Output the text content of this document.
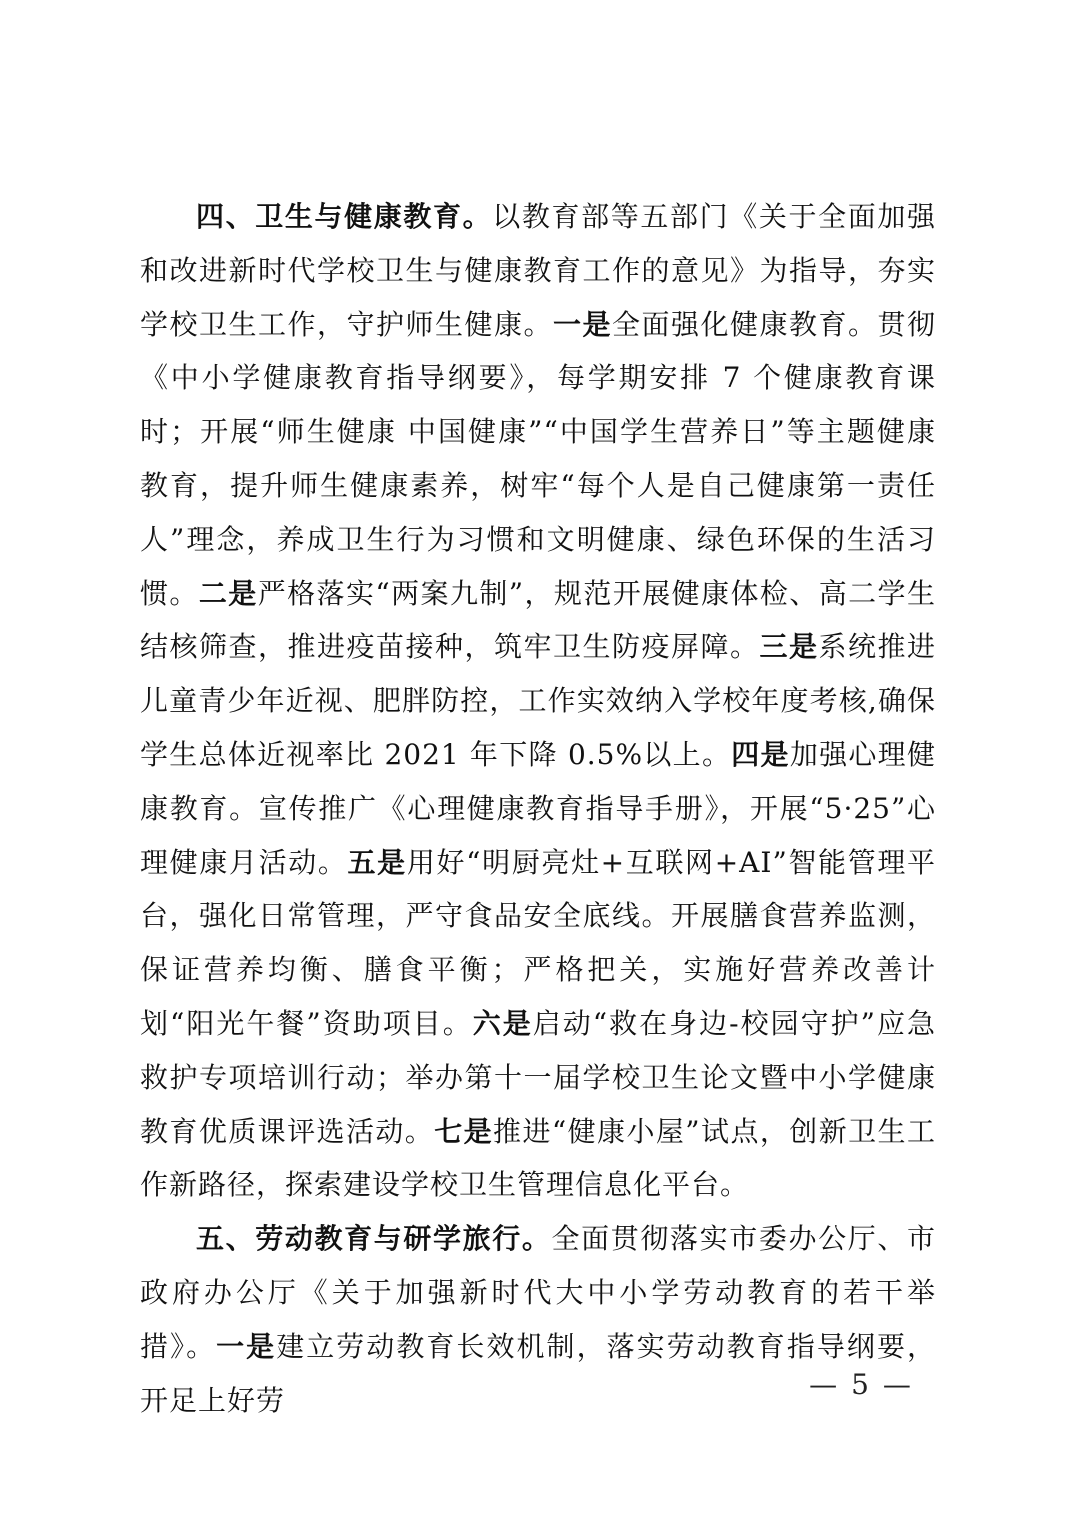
四、卫生与健康教育。以教育部等五部门《关于全面加强和改进新时代学校卫生与健康教育工作的意见》为指导，夯实学校卫生工作，守护师生健康。一是全面强化健康教育。贯彻《中小学健康教育指导纲要》，每学期安排 7 个健康教育课时；开展“师生健康 中国健康”“中国学生营养日”等主题健康教育，提升师生健康素养，树牢“每个人是自己健康第一责任人”理念，养成卫生行为习惯和文明健康、绿色环保的生活习惯。二是严格落实“两案九制”，规范开展健康体检、高二学生结核筛查，推进疫苗接种，筑牢卫生防疫屏障。三是系统推进儿童青少年近视、肥胖防控，工作实效纳入学校年度考核,确保学生总体近视率比 2021 年下降 0.5%以上。四是加强心理健康教育。宣传推广《心理健康教育指导手册》，开展“5·25”心理健康月活动。五是用好“明厨亮灶+互联网+AI”智能管理平台，强化日常管理，严守食品安全底线。开展膳食营养监测，保证营养均衡、膳食平衡；严格把关，实施好营养改善计划“阳光午餐”资助项目。六是启动“救在身边-校园守护”应急救护专项培训行动；举办第十一届学校卫生论文暨中小学健康教育优质课评选活动。七是推进“健康小屋”试点，创新卫生工作新路径，探索建设学校卫生管理信息化平台。

五、劳动教育与研学旅行。全面贯彻落实市委办公厅、市政府办公厅《关于加强新时代大中小学劳动教育的若干举措》。一是建立劳动教育长效机制，落实劳动教育指导纲要，开足上好劳	— 5 —
